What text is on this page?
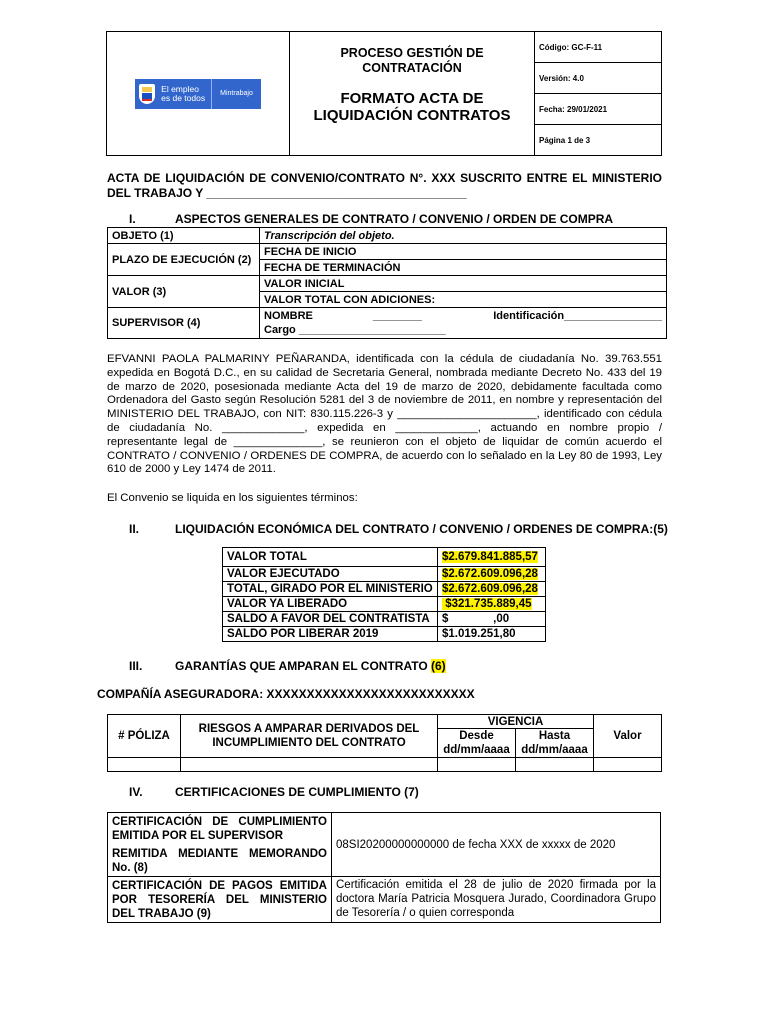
El empleo es de todos Mintrabajo

PROCESO GESTIÓN DE CONTRATACIÓN
FORMATO ACTA DE LIQUIDACIÓN CONTRATOS
	Código: GC-F-11
Versión: 4.0
Fecha: 29/01/2021
Página 1 de 3
ACTA DE LIQUIDACIÓN DE CONVENIO/CONTRATO N°. XXX SUSCRITO ENTRE EL MINISTERIO DEL TRABAJO Y _______________________________________
I.	ASPECTOS GENERALES DE CONTRATO / CONVENIO / ORDEN DE COMPRA
OBJETO (1)	Transcripción del objeto.
PLAZO DE EJECUCIÓN (2)	FECHA DE INICIO
	FECHA DE TERMINACIÓN
VALOR (3)	VALOR INICIAL
	VALOR TOTAL CON ADICIONES:
SUPERVISOR (4)	NOMBRE ________ Identificación________________
Cargo ________________________
EFVANNI PAOLA PALMARINY PEÑARANDA, identificada con la cédula de ciudadanía No. 39.763.551 expedida en Bogotá D.C., en su calidad de Secretaria General, nombrada mediante Decreto No. 433 del 19 de marzo de 2020, posesionada mediante Acta del 19 de marzo de 2020, debidamente facultada como Ordenadora del Gasto según Resolución 5281 del 3 de noviembre de 2011, en nombre y representación del MINISTERIO DEL TRABAJO, con NIT: 830.115.226-3 y ______________________, identificado con cédula de ciudadanía No. _____________, expedida en _____________, actuando en nombre propio / representante legal de ______________, se reunieron con el objeto de liquidar de común acuerdo el CONTRATO / CONVENIO / ORDENES DE COMPRA, de acuerdo con lo señalado en la Ley 80 de 1993, Ley 610 de 2000 y Ley 1474 de 2011.
El Convenio se liquida en los siguientes términos:
II.	LIQUIDACIÓN ECONÓMICA DEL CONTRATO / CONVENIO / ORDENES DE COMPRA:(5)
VALOR TOTAL	$2.679.841.885,57
VALOR EJECUTADO	$2.672.609.096,28
TOTAL, GIRADO POR EL MINISTERIO	$2.672.609.096,28
VALOR YA LIBERADO	$321.735.889,45
SALDO A FAVOR DEL CONTRATISTA	$              ,00
SALDO POR LIBERAR 2019	$1.019.251,80
III.	GARANTÍAS QUE AMPARAN EL CONTRATO (6)
COMPAÑÍA ASEGURADORA: XXXXXXXXXXXXXXXXXXXXXXXXXX
# PÓLIZA	RIESGOS A AMPARAR DERIVADOS DEL INCUMPLIMIENTO DEL CONTRATO	VIGENCIA		Valor
		Desde dd/mm/aaaa	Hasta dd/mm/aaaa	

IV.	CERTIFICACIONES DE CUMPLIMIENTO (7)
CERTIFICACIÓN DE CUMPLIMIENTO EMITIDA POR EL SUPERVISOR
REMITIDA MEDIANTE MEMORANDO No. (8)	08SI20200000000000 de fecha XXX de xxxxx de 2020
CERTIFICACIÓN DE PAGOS EMITIDA POR TESORERÍA DEL MINISTERIO DEL TRABAJO (9)	Certificación emitida el 28 de julio de 2020 firmada por la doctora María Patricia Mosquera Jurado, Coordinadora Grupo de Tesorería / o quien corresponda
